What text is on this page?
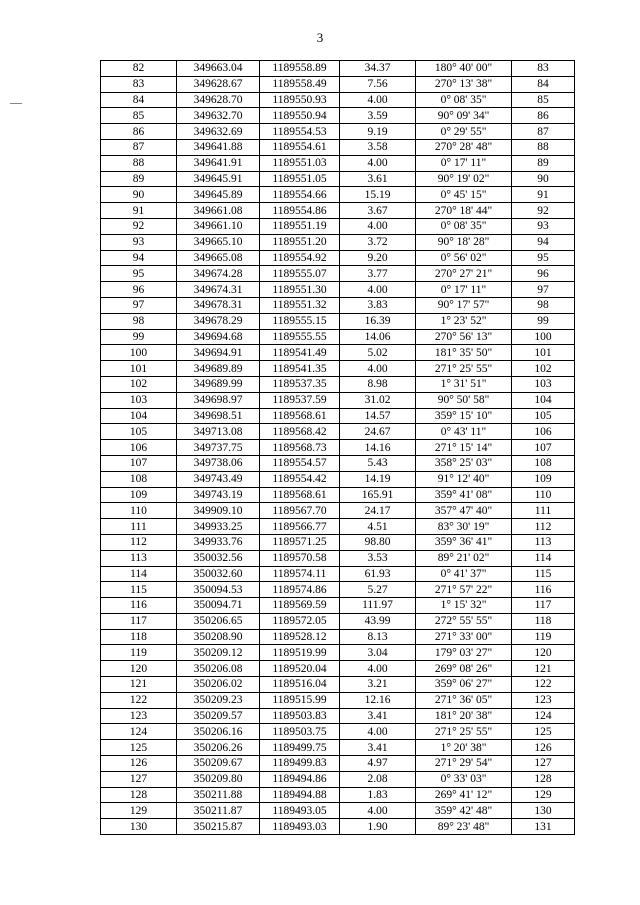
3
82	349663.04	1189558.89	34.37	180° 40' 00"	83
83	349628.67	1189558.49	7.56	270° 13' 38"	84
84	349628.70	1189550.93	4.00	0° 08' 35"	85
85	349632.70	1189550.94	3.59	90° 09' 34"	86
86	349632.69	1189554.53	9.19	0° 29' 55"	87
87	349641.88	1189554.61	3.58	270° 28' 48"	88
88	349641.91	1189551.03	4.00	0° 17' 11"	89
89	349645.91	1189551.05	3.61	90° 19' 02"	90
90	349645.89	1189554.66	15.19	0° 45' 15"	91
91	349661.08	1189554.86	3.67	270° 18' 44"	92
92	349661.10	1189551.19	4.00	0° 08' 35"	93
93	349665.10	1189551.20	3.72	90° 18' 28"	94
94	349665.08	1189554.92	9.20	0° 56' 02"	95
95	349674.28	1189555.07	3.77	270° 27' 21"	96
96	349674.31	1189551.30	4.00	0° 17' 11"	97
97	349678.31	1189551.32	3.83	90° 17' 57"	98
98	349678.29	1189555.15	16.39	1° 23' 52"	99
99	349694.68	1189555.55	14.06	270° 56' 13"	100
100	349694.91	1189541.49	5.02	181° 35' 50"	101
101	349689.89	1189541.35	4.00	271° 25' 55"	102
102	349689.99	1189537.35	8.98	1° 31' 51"	103
103	349698.97	1189537.59	31.02	90° 50' 58"	104
104	349698.51	1189568.61	14.57	359° 15' 10"	105
105	349713.08	1189568.42	24.67	0° 43' 11"	106
106	349737.75	1189568.73	14.16	271° 15' 14"	107
107	349738.06	1189554.57	5.43	358° 25' 03"	108
108	349743.49	1189554.42	14.19	91° 12' 40"	109
109	349743.19	1189568.61	165.91	359° 41' 08"	110
110	349909.10	1189567.70	24.17	357° 47' 40"	111
111	349933.25	1189566.77	4.51	83° 30' 19"	112
112	349933.76	1189571.25	98.80	359° 36' 41"	113
113	350032.56	1189570.58	3.53	89° 21' 02"	114
114	350032.60	1189574.11	61.93	0° 41' 37"	115
115	350094.53	1189574.86	5.27	271° 57' 22"	116
116	350094.71	1189569.59	111.97	1° 15' 32"	117
117	350206.65	1189572.05	43.99	272° 55' 55"	118
118	350208.90	1189528.12	8.13	271° 33' 00"	119
119	350209.12	1189519.99	3.04	179° 03' 27"	120
120	350206.08	1189520.04	4.00	269° 08' 26"	121
121	350206.02	1189516.04	3.21	359° 06' 27"	122
122	350209.23	1189515.99	12.16	271° 36' 05"	123
123	350209.57	1189503.83	3.41	181° 20' 38"	124
124	350206.16	1189503.75	4.00	271° 25' 55"	125
125	350206.26	1189499.75	3.41	1° 20' 38"	126
126	350209.67	1189499.83	4.97	271° 29' 54"	127
127	350209.80	1189494.86	2.08	0° 33' 03"	128
128	350211.88	1189494.88	1.83	269° 41' 12"	129
129	350211.87	1189493.05	4.00	359° 42' 48"	130
130	350215.87	1189493.03	1.90	89° 23' 48"	131
